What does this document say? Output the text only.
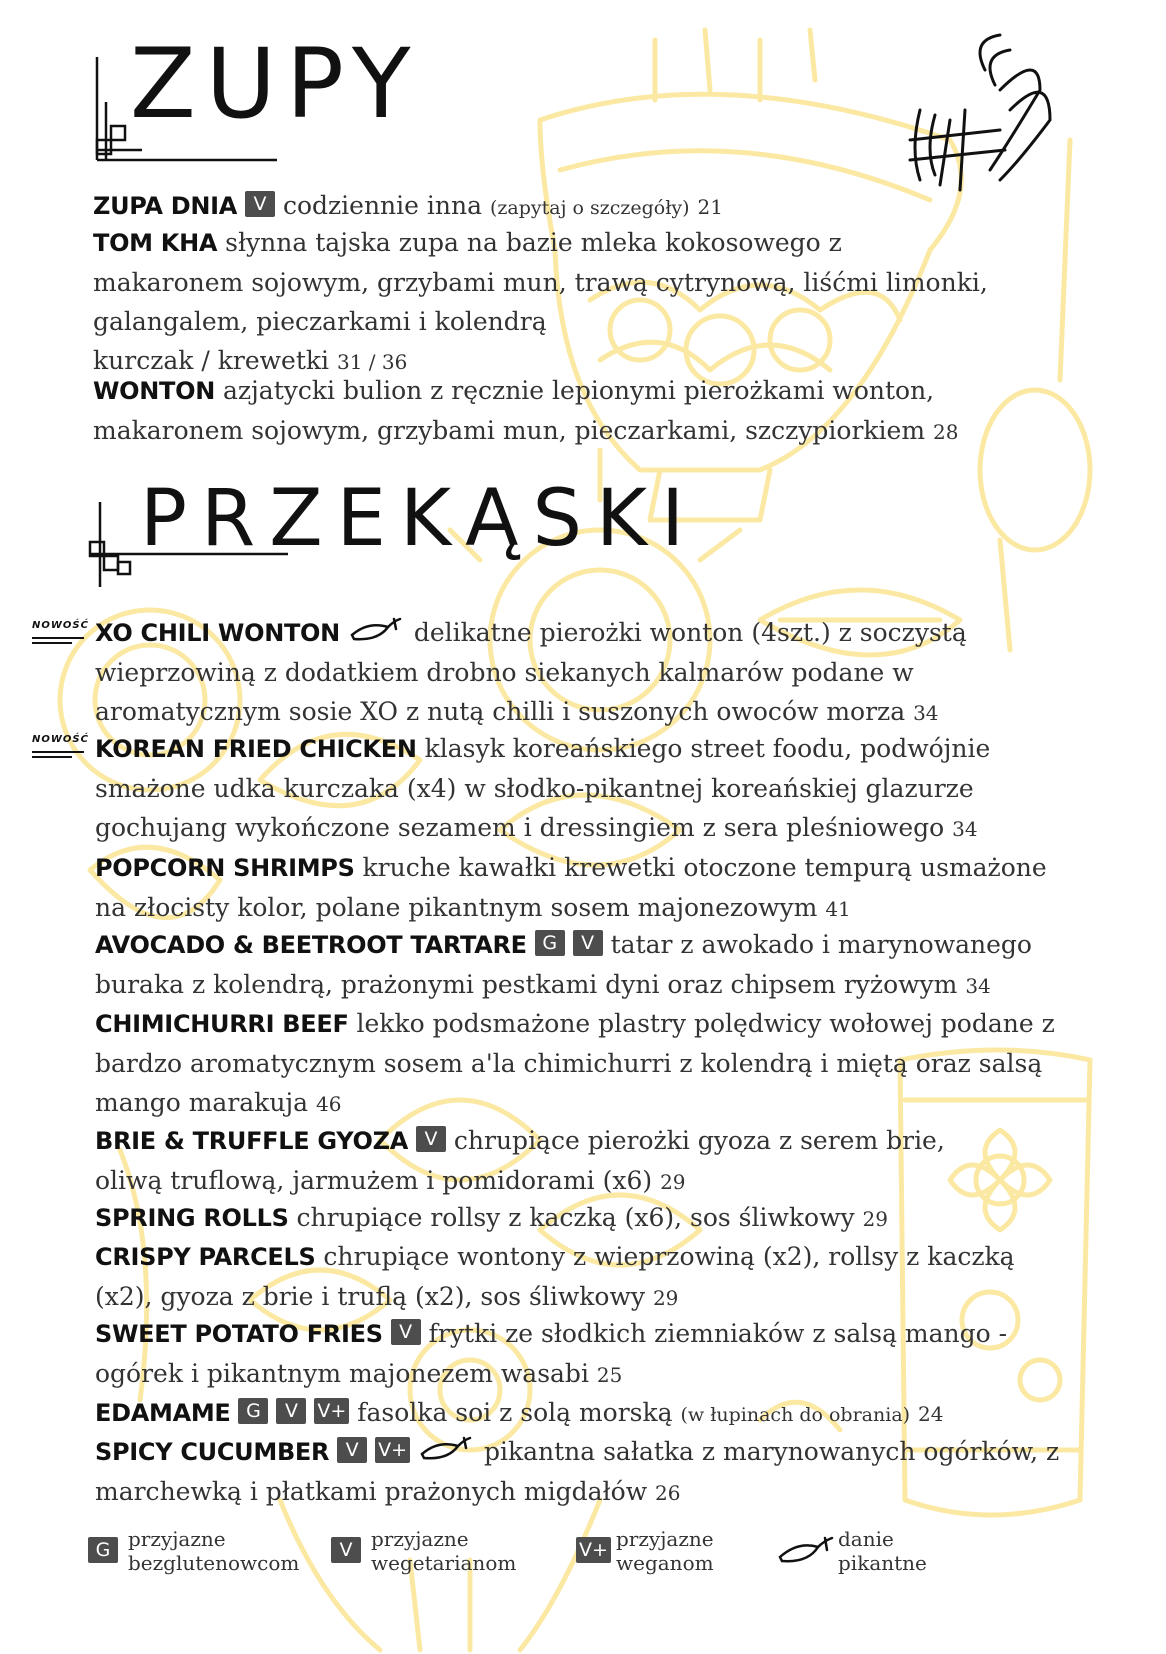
ZUPY

ZUPA DNIA V codziennie inna (zapytaj o szczegóły) 21

TOM KHA słynna tajska zupa na bazie mleka kokosowego z makaronem sojowym, grzybami mun, trawą cytrynową, liśćmi limonki, galangalem, pieczarkami i kolendrą
kurczak / krewetki 31 / 36

WONTON azjatycki bulion z ręcznie lepionymi pierożkami wonton, makaronem sojowym, grzybami mun, pieczarkami, szczypiorkiem 28

PRZEKĄSKI
NOWOŚĆ
NOWOŚĆ

XO CHILI WONTON	delikatne pierożki wonton (4szt.) z soczystą wieprzowiną z dodatkiem drobno siekanych kalmarów podane w aromatycznym sosie XO z nutą chilli i suszonych owoców morza 34

KOREAN FRIED CHICKEN klasyk koreańskiego street foodu, podwójnie smażone udka kurczaka (x4) w słodko-pikantnej koreańskiej glazurze gochujang wykończone sezamem i dressingiem z sera pleśniowego 34

POPCORN SHRIMPS kruche kawałki krewetki otoczone tempurą usmażone na złocisty kolor, polane pikantnym sosem majonezowym 41

AVOCADO & BEETROOT TARTARE G V tatar z awokado i marynowanego buraka z kolendrą, prażonymi pestkami dyni oraz chipsem ryżowym 34

CHIMICHURRI BEEF lekko podsmażone plastry polędwicy wołowej podane z bardzo aromatycznym sosem a'la chimichurri z kolendrą i miętą oraz salsą mango marakuja 46

BRIE & TRUFFLE GYOZA V chrupiące pierożki gyoza z serem brie, oliwą truflową, jarmużem i pomidorami (x6) 29

SPRING ROLLS chrupiące rollsy z kaczką (x6), sos śliwkowy 29

CRISPY PARCELS chrupiące wontony z wieprzowiną (x2), rollsy z kaczką (x2), gyoza z brie i truflą (x2), sos śliwkowy 29

SWEET POTATO FRIES V frytki ze słodkich ziemniaków z salsą mango - ogórek i pikantnym majonezem wasabi 25

EDAMAME G V V+ fasolka soi z solą morską (w łupinach do obrania) 24

SPICY CUCUMBER V V+	pikantna sałatka z marynowanych ogórków, z marchewką i płatkami prażonych migdałów 26

G przyjazne
bezglutenowcom
V przyjazne
wegetarianom
V+ przyjazne
weganom
danie
pikantne
